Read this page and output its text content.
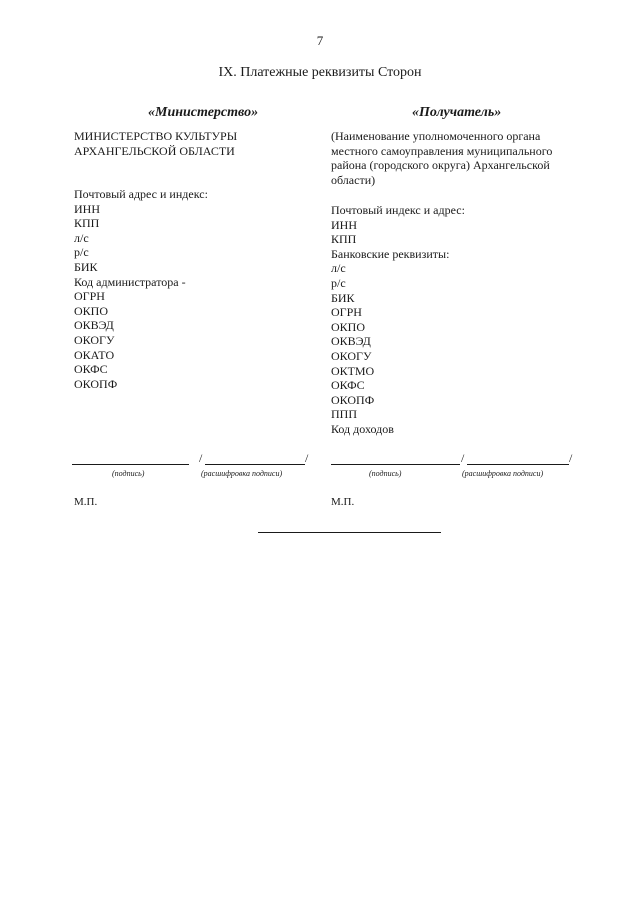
7
IX. Платежные реквизиты Сторон
«Министерство»	«Получатель»
МИНИСТЕРСТВО КУЛЬТУРЫ
АРХАНГЕЛЬСКОЙ ОБЛАСТИ
Почтовый адрес и индекс:
ИНН
КПП
л/с
р/с
БИК
Код администратора -
ОГРН
ОКПО
ОКВЭД
ОКОГУ
ОКАТО
ОКФС
ОКОПФ
(Наименование уполномоченного органа
местного самоуправления муниципального
района (городского округа) Архангельской
области)
Почтовый индекс и адрес:
ИНН
КПП
Банковские реквизиты:
л/с
р/с
БИК
ОГРН
ОКПО
ОКВЭД
ОКОГУ
ОКТМО
ОКФС
ОКОПФ
ППП
Код доходов
/	/
(подпись)	(расшифровка подписи)
М.П.
/	/
(подпись)	(расшифровка подписи)
М.П.
